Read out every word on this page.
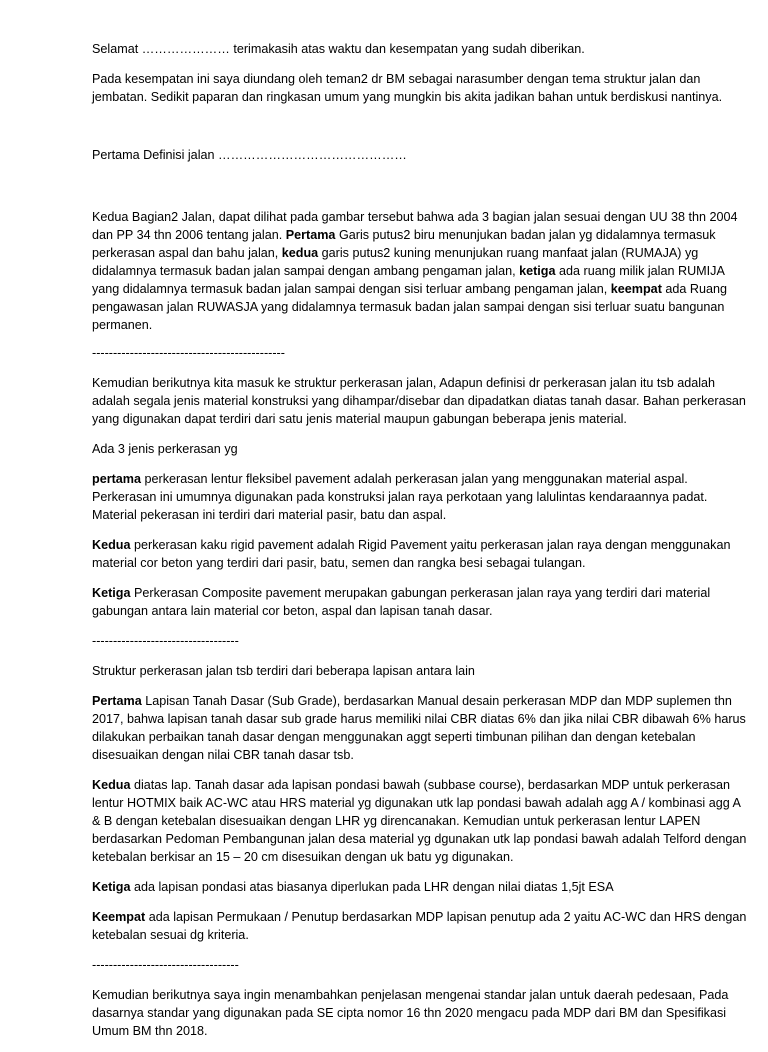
Selamat ………………… terimakasih atas waktu dan kesempatan yang sudah diberikan.

Pada kesempatan ini saya diundang oleh teman2 dr BM sebagai narasumber dengan tema struktur jalan dan jembatan. Sedikit paparan dan ringkasan umum yang mungkin bis akita jadikan bahan untuk berdiskusi nantinya.

Pertama Definisi jalan ………………………………………

Kedua Bagian2 Jalan, dapat dilihat pada gambar tersebut bahwa ada 3 bagian jalan sesuai dengan UU 38 thn 2004 dan PP 34 thn 2006 tentang jalan. Pertama Garis putus2 biru menunjukan badan jalan yg didalamnya termasuk perkerasan aspal dan bahu jalan, kedua garis putus2 kuning menunjukan ruang manfaat jalan (RUMAJA) yg didalamnya termasuk badan jalan sampai dengan ambang pengaman jalan, ketiga ada ruang milik jalan RUMIJA yang didalamnya termasuk badan jalan sampai dengan sisi terluar ambang pengaman jalan, keempat ada Ruang pengawasan jalan RUWASJA yang didalamnya termasuk badan jalan sampai dengan sisi terluar suatu bangunan permanen.

----------------------------------------------

Kemudian berikutnya kita masuk ke struktur perkerasan jalan, Adapun definisi dr perkerasan jalan itu tsb adalah adalah segala jenis material konstruksi yang dihampar/disebar dan dipadatkan diatas tanah dasar. Bahan perkerasan yang digunakan dapat terdiri dari satu jenis material maupun gabungan beberapa jenis material.

Ada 3 jenis perkerasan yg

pertama perkerasan lentur fleksibel pavement adalah perkerasan jalan yang menggunakan material aspal. Perkerasan ini umumnya digunakan pada konstruksi jalan raya perkotaan yang lalulintas kendaraannya padat. Material pekerasan ini terdiri dari material pasir, batu dan aspal.

Kedua perkerasan kaku rigid pavement adalah Rigid Pavement yaitu perkerasan jalan raya dengan menggunakan material cor beton yang terdiri dari pasir, batu, semen dan rangka besi sebagai tulangan.

Ketiga Perkerasan Composite pavement merupakan gabungan perkerasan jalan raya yang terdiri dari material gabungan antara lain material cor beton, aspal dan lapisan tanah dasar.

-----------------------------------

Struktur perkerasan jalan tsb terdiri dari beberapa lapisan antara lain

Pertama Lapisan Tanah Dasar (Sub Grade), berdasarkan Manual desain perkerasan MDP dan MDP suplemen thn 2017, bahwa lapisan tanah dasar sub grade harus memiliki nilai CBR diatas 6% dan jika nilai CBR dibawah 6% harus dilakukan perbaikan tanah dasar dengan menggunakan aggt seperti timbunan pilihan dan dengan ketebalan disesuaikan dengan nilai CBR tanah dasar tsb.

Kedua diatas lap. Tanah dasar ada lapisan pondasi bawah (subbase course), berdasarkan MDP untuk perkerasan lentur HOTMIX baik AC-WC atau HRS material yg digunakan utk lap pondasi bawah adalah agg A / kombinasi agg A & B dengan ketebalan disesuaikan dengan LHR yg direncanakan. Kemudian untuk perkerasan lentur LAPEN berdasarkan Pedoman Pembangunan jalan desa material yg dgunakan utk lap pondasi bawah adalah Telford dengan ketebalan berkisar an 15 – 20 cm disesuikan dengan uk batu yg digunakan.

Ketiga ada lapisan pondasi atas biasanya diperlukan pada LHR dengan nilai diatas 1,5jt ESA

Keempat ada lapisan Permukaan / Penutup berdasarkan MDP lapisan penutup ada 2 yaitu AC-WC dan HRS dengan ketebalan sesuai dg kriteria.

-----------------------------------

Kemudian berikutnya saya ingin menambahkan penjelasan mengenai standar jalan untuk daerah pedesaan, Pada dasarnya standar yang digunakan pada SE cipta nomor 16 thn 2020 mengacu pada MDP dari BM dan Spesifikasi Umum BM thn 2018.
